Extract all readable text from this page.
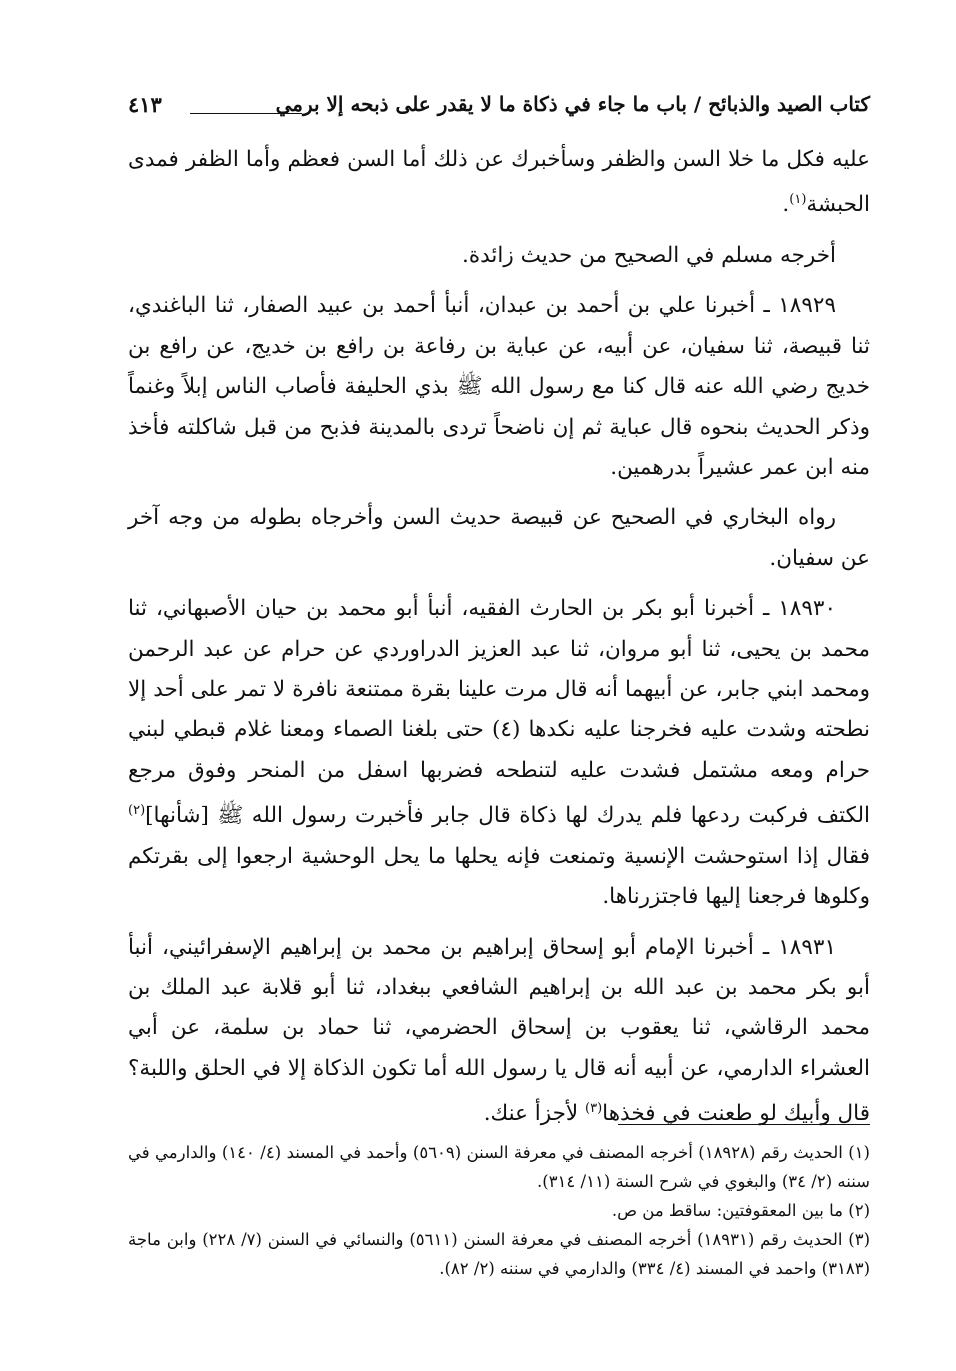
كتاب الصيد والذبائح / باب ما جاء في ذكاة ما لا يقدر على ذبحه إلا برمي
٤١٣

عليه فكل ما خلا السن والظفر وسأخبرك عن ذلك أما السن فعظم وأما الظفر فمدى الحبشة$^{(١)}$.

أخرجه مسلم في الصحيح من حديث زائدة.

١٨٩٢٩ ـ أخبرنا علي بن أحمد بن عبدان، أنبأ أحمد بن عبيد الصفار، ثنا الباغندي، ثنا قبيصة، ثنا سفيان، عن أبيه، عن عباية بن رفاعة بن رافع بن خديج، عن رافع بن خديج رضي الله عنه قال كنا مع رسول الله ﷺ بذي الحليفة فأصاب الناس إبلاً وغنماً وذكر الحديث بنحوه قال عباية ثم إن ناضحاً تردى بالمدينة فذبح من قبل شاكلته فأخذ منه ابن عمر عشيراً بدرهمين.

رواه البخاري في الصحيح عن قبيصة حديث السن وأخرجاه بطوله من وجه آخر عن سفيان.

١٨٩٣٠ ـ أخبرنا أبو بكر بن الحارث الفقيه، أنبأ أبو محمد بن حيان الأصبهاني، ثنا محمد بن يحيى، ثنا أبو مروان، ثنا عبد العزيز الدراوردي عن حرام عن عبد الرحمن ومحمد ابني جابر، عن أبيهما أنه قال مرت علينا بقرة ممتنعة نافرة لا تمر على أحد إلا نطحته وشدت عليه فخرجنا عليه نكدها (٤) حتى بلغنا الصماء ومعنا غلام قبطي لبني حرام ومعه مشتمل فشدت عليه لتنطحه فضربها اسفل من المنحر وفوق مرجع الكتف فركبت ردعها فلم يدرك لها ذكاة قال جابر فأخبرت رسول الله ﷺ [شأنها]$^{(٢)}$ فقال إذا استوحشت الإنسية وتمنعت فإنه يحلها ما يحل الوحشية ارجعوا إلى بقرتكم وكلوها فرجعنا إليها فاجتزرناها.

١٨٩٣١ ـ أخبرنا الإمام أبو إسحاق إبراهيم بن محمد بن إبراهيم الإسفرائيني، أنبأ أبو بكر محمد بن عبد الله بن إبراهيم الشافعي ببغداد، ثنا أبو قلابة عبد الملك بن محمد الرقاشي، ثنا يعقوب بن إسحاق الحضرمي، ثنا حماد بن سلمة، عن أبي العشراء الدارمي، عن أبيه أنه قال يا رسول الله أما تكون الذكاة إلا في الحلق واللبة؟ قال وأبيك لو طعنت في فخذها$^{(٣)}$ لأجزأ عنك.

(١) الحديث رقم (١٨٩٢٨) أخرجه المصنف في معرفة السنن (٥٦٠٩) وأحمد في المسند (٤/ ١٤٠) والدارمي في سننه (٢/ ٣٤) والبغوي في شرح السنة (١١/ ٣١٤).

(٢) ما بين المعقوفتين: ساقط من ص.

(٣) الحديث رقم (١٨٩٣١) أخرجه المصنف في معرفة السنن (٥٦١١) والنسائي في السنن (٧/ ٢٢٨) وابن ماجة (٣١٨٣) واحمد في المسند (٤/ ٣٣٤) والدارمي في سننه (٢/ ٨٢).
